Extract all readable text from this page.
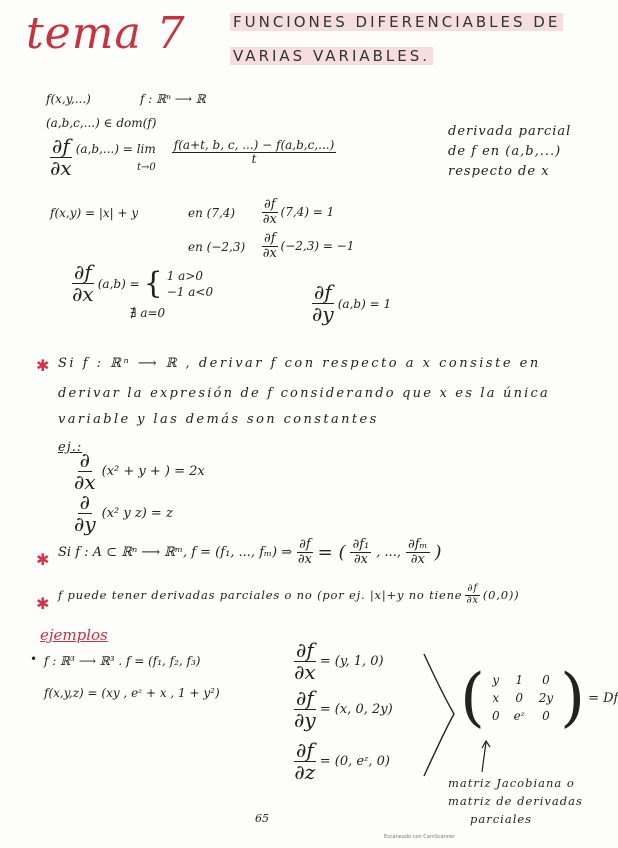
tema 7	FUNCIONES DIFERENCIABLES DE
VARIAS VARIABLES.
f(x,y,...)	f : ℝⁿ ⟶ ℝ
(a,b,c,...) ∈ dom(f)
$\frac{\partial f}{\partial x} (a,b,...) = \lim$
t→0
$\frac{f(a+t, b, c, ...) - f(a,b,c,...)}{t}$
derivada parcial
de f en (a,b,...)
respecto de x
f(x,y) = |x| + y	en $(7,4) \frac{\partial f}{\partial x} (7,4) = 1$
en $(-2,3) \frac{\partial f}{\partial x} (-2,3) = -1$
$\frac{\partial f}{\partial x} (a,b)$ = { 1 a>0
−1 a<0
∄ a=0	$\frac{\partial f}{\partial y} (a,b) = 1$
✱ Si f : ℝⁿ ⟶ ℝ , derivar f con respecto a x consiste en
derivar la expresión de f considerando que x es la única
variable y las demás son constantes
ej.:
$\frac{\partial}{\partial x} (x^2 + y$ + ) = 2x
$\frac{\partial}{\partial y} (x^2$ y z) = z
✱ Si f : A ⊂ ℝⁿ ⟶ ℝᵐ, f = (f₁, ..., fₘ) ⇒ $\frac{\partial f}{\partial x}$ = ( $\frac{\text{∂f₁}}{\partial x}$ , ..., $\frac{\text{∂fₘ}}{\partial x}$ )
✱ f puede tener derivadas parciales o no (por ej. |x|+y no tiene $\frac{\partial f}{\partial x} (0,0)$)
ejemplos
• f : ℝ³ ⟶ ℝ³ . f = (f₁, f₂, f₃)
f(x,y,z) = (xy , eᶻ + x , 1 + y²)
$\frac{\partial f}{\partial x} = (y$, 1, 0)
$\frac{\partial f}{\partial y} = (x$, 0, 2y)
$\frac{\partial f}{\partial z} = (0$, eᶻ, 0)
( y	1	0
x	0	2y
0	eᶻ	0 ) = Df
matriz Jacobiana o
matriz de derivadas
parciales
65
Escaneado con CamScanner
